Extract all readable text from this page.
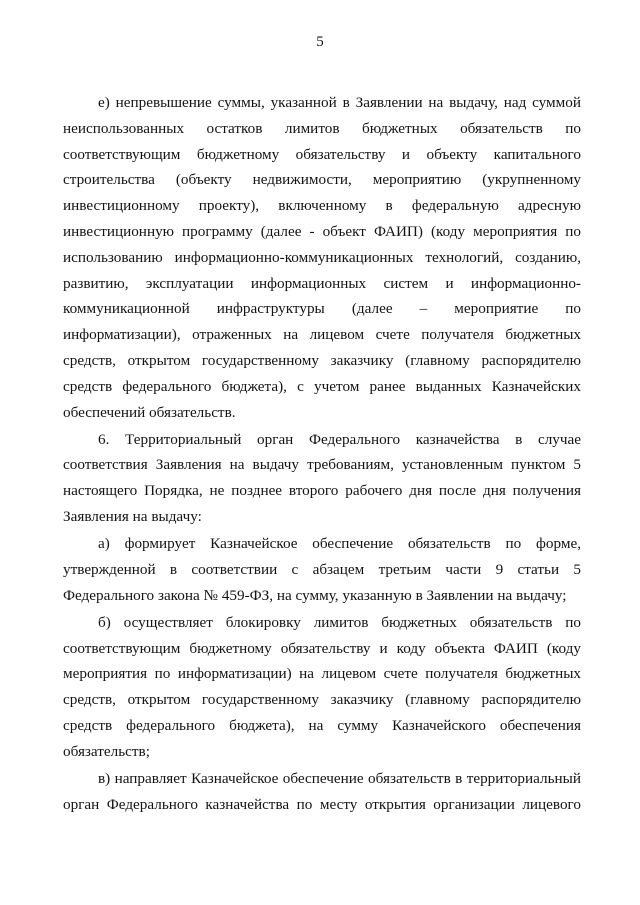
5
е) непревышение суммы, указанной в Заявлении на выдачу, над суммой
неиспользованных остатков лимитов бюджетных обязательств по
соответствующим бюджетному обязательству и объекту капитального
строительства (объекту недвижимости, мероприятию (укрупненному
инвестиционному проекту), включенному в федеральную адресную
инвестиционную программу (далее - объект ФАИП) (коду мероприятия по
использованию информационно-коммуникационных технологий, созданию,
развитию, эксплуатации информационных систем и информационно-
коммуникационной инфраструктуры (далее – мероприятие по
информатизации), отраженных на лицевом счете получателя бюджетных
средств, открытом государственному заказчику (главному распорядителю
средств федерального бюджета), с учетом ранее выданных Казначейских
обеспечений обязательств.
6. Территориальный орган Федерального казначейства в случае
соответствия Заявления на выдачу требованиям, установленным пунктом 5
настоящего Порядка, не позднее второго рабочего дня после дня получения
Заявления на выдачу:
а) формирует Казначейское обеспечение обязательств по форме,
утвержденной в соответствии с абзацем третьим части 9 статьи 5
Федерального закона № 459-ФЗ, на сумму, указанную в Заявлении на выдачу;
б) осуществляет блокировку лимитов бюджетных обязательств по
соответствующим бюджетному обязательству и коду объекта ФАИП (коду
мероприятия по информатизации) на лицевом счете получателя бюджетных
средств, открытом государственному заказчику (главному распорядителю
средств федерального бюджета), на сумму Казначейского обеспечения
обязательств;
в) направляет Казначейское обеспечение обязательств в территориальный
орган Федерального казначейства по месту открытия организации лицевого
